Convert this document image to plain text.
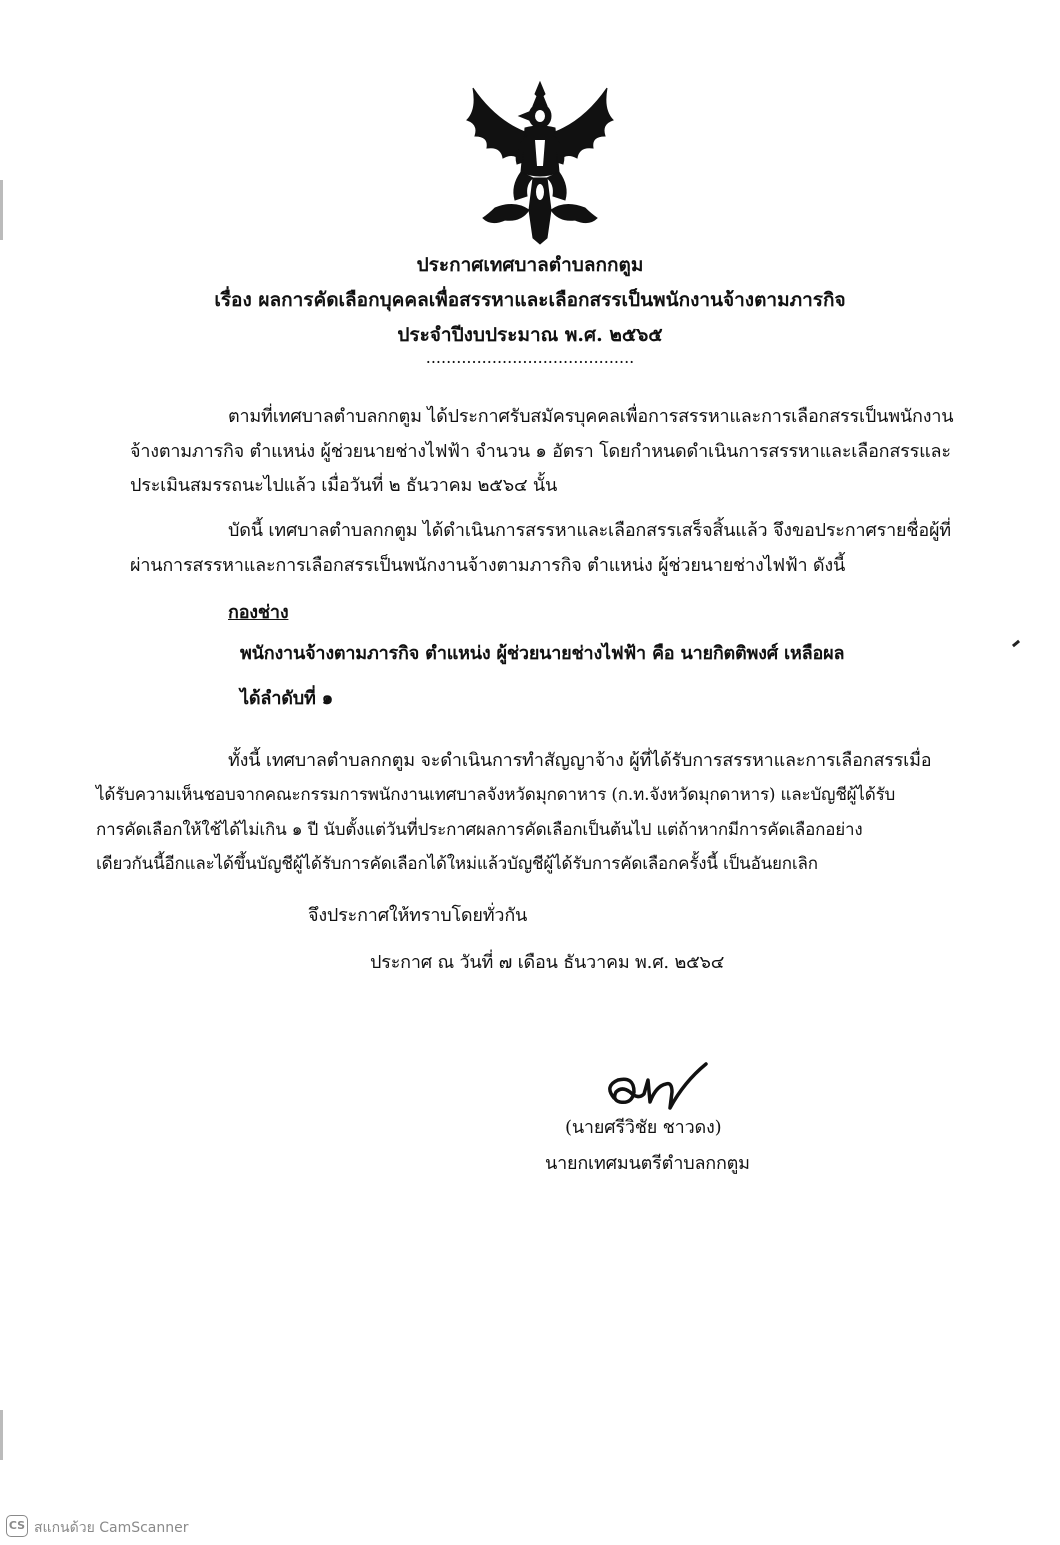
ประกาศเทศบาลตำบลกกตูม
เรื่อง ผลการคัดเลือกบุคคลเพื่อสรรหาและเลือกสรรเป็นพนักงานจ้างตามภารกิจ
ประจำปีงบประมาณ พ.ศ. ๒๕๖๕
.........................................
ตามที่เทศบาลตำบลกกตูม ได้ประกาศรับสมัครบุคคลเพื่อการสรรหาและการเลือกสรรเป็นพนักงาน
จ้างตามภารกิจ ตำแหน่ง ผู้ช่วยนายช่างไฟฟ้า จำนวน ๑ อัตรา โดยกำหนดดำเนินการสรรหาและเลือกสรรและ
ประเมินสมรรถนะไปแล้ว เมื่อวันที่ ๒ ธันวาคม ๒๕๖๔ นั้น
บัดนี้ เทศบาลตำบลกกตูม ได้ดำเนินการสรรหาและเลือกสรรเสร็จสิ้นแล้ว จึงขอประกาศรายชื่อผู้ที่
ผ่านการสรรหาและการเลือกสรรเป็นพนักงานจ้างตามภารกิจ ตำแหน่ง ผู้ช่วยนายช่างไฟฟ้า ดังนี้
กองช่าง
พนักงานจ้างตามภารกิจ ตำแหน่ง ผู้ช่วยนายช่างไฟฟ้า คือ นายกิตติพงศ์ เหลือผล
ได้ลำดับที่ ๑
ทั้งนี้ เทศบาลตำบลกกตูม จะดำเนินการทำสัญญาจ้าง ผู้ที่ได้รับการสรรหาและการเลือกสรรเมื่อ
ได้รับความเห็นชอบจากคณะกรรมการพนักงานเทศบาลจังหวัดมุกดาหาร (ก.ท.จังหวัดมุกดาหาร) และบัญชีผู้ได้รับ
การคัดเลือกให้ใช้ได้ไม่เกิน ๑ ปี นับตั้งแต่วันที่ประกาศผลการคัดเลือกเป็นต้นไป แต่ถ้าหากมีการคัดเลือกอย่าง
เดียวกันนี้อีกและได้ขึ้นบัญชีผู้ได้รับการคัดเลือกได้ใหม่แล้วบัญชีผู้ได้รับการคัดเลือกครั้งนี้ เป็นอันยกเลิก
จึงประกาศให้ทราบโดยทั่วกัน
ประกาศ ณ วันที่ ๗ เดือน ธันวาคม พ.ศ. ๒๕๖๔
(นายศรีวิชัย ชาวดง)
นายกเทศมนตรีตำบลกกตูม
CS สแกนด้วย CamScanner
